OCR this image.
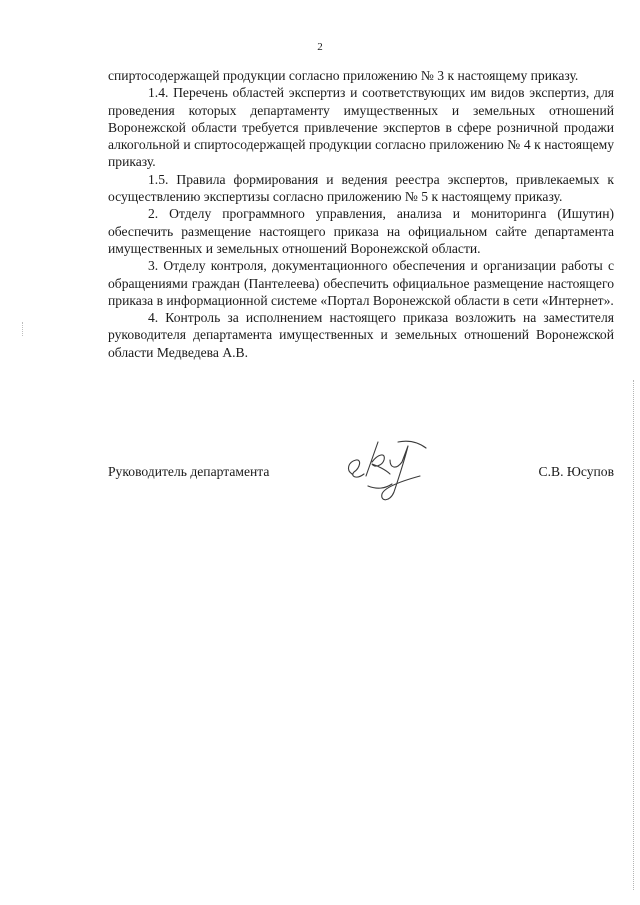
2

спиртосодержащей продукции согласно приложению № 3 к настоящему приказу.

1.4. Перечень областей экспертиз и соответствующих им видов экспертиз, для проведения которых департаменту имущественных и земельных отношений Воронежской области требуется привлечение экспертов в сфере розничной продажи алкогольной и спиртосодержащей продукции согласно приложению № 4 к настоящему приказу.

1.5. Правила формирования и ведения реестра экспертов, привлекаемых к осуществлению экспертизы согласно приложению № 5 к настоящему приказу.

2. Отделу программного управления, анализа и мониторинга (Ишутин) обеспечить размещение настоящего приказа на официальном сайте департамента имущественных и земельных отношений Воронежской области.

3. Отделу контроля, документационного обеспечения и организации работы с обращениями граждан (Пантелеева) обеспечить официальное размещение настоящего приказа в информационной системе «Портал Воронежской области в сети «Интернет».

4. Контроль за исполнением настоящего приказа возложить на заместителя руководителя департамента имущественных и земельных отношений Воронежской области Медведева А.В.

Руководитель департамента	С.В. Юсупов
